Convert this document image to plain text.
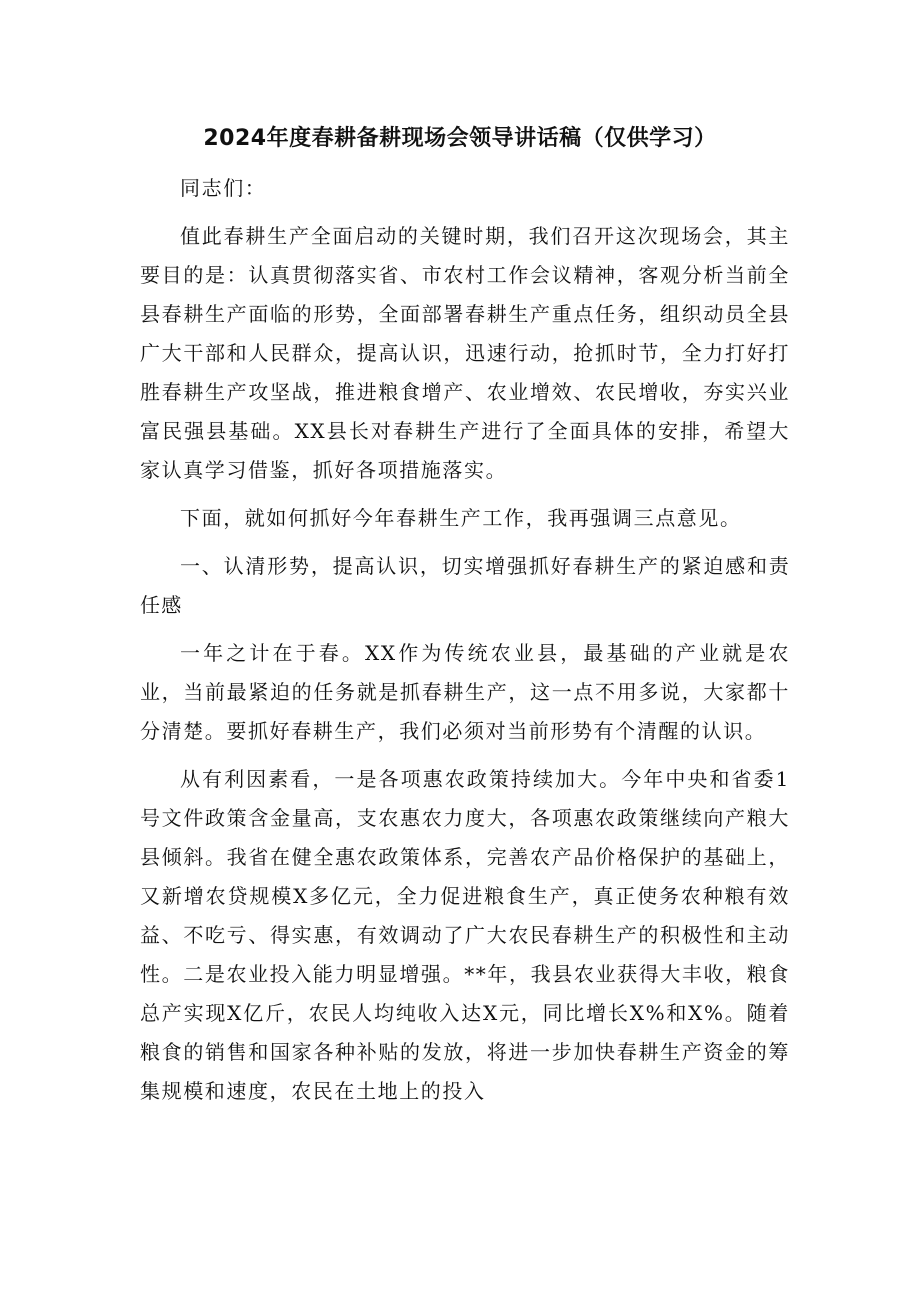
2024年度春耕备耕现场会领导讲话稿（仅供学习）

同志们：

值此春耕生产全面启动的关键时期，我们召开这次现场会，其主要目的是：认真贯彻落实省、市农村工作会议精神，客观分析当前全县春耕生产面临的形势，全面部署春耕生产重点任务，组织动员全县广大干部和人民群众，提高认识，迅速行动，抢抓时节，全力打好打胜春耕生产攻坚战，推进粮食增产、农业增效、农民增收，夯实兴业富民强县基础。XX县长对春耕生产进行了全面具体的安排，希望大家认真学习借鉴，抓好各项措施落实。

下面，就如何抓好今年春耕生产工作，我再强调三点意见。

一、认清形势，提高认识，切实增强抓好春耕生产的紧迫感和责任感

一年之计在于春。XX作为传统农业县，最基础的产业就是农业，当前最紧迫的任务就是抓春耕生产，这一点不用多说，大家都十分清楚。要抓好春耕生产，我们必须对当前形势有个清醒的认识。

从有利因素看，一是各项惠农政策持续加大。今年中央和省委1号文件政策含金量高，支农惠农力度大，各项惠农政策继续向产粮大县倾斜。我省在健全惠农政策体系，完善农产品价格保护的基础上，又新增农贷规模X多亿元，全力促进粮食生产，真正使务农种粮有效益、不吃亏、得实惠，有效调动了广大农民春耕生产的积极性和主动性。二是农业投入能力明显增强。**年，我县农业获得大丰收，粮食总产实现X亿斤，农民人均纯收入达X元，同比增长X%和X%。随着粮食的销售和国家各种补贴的发放，将进一步加快春耕生产资金的筹集规模和速度，农民在土地上的投入
